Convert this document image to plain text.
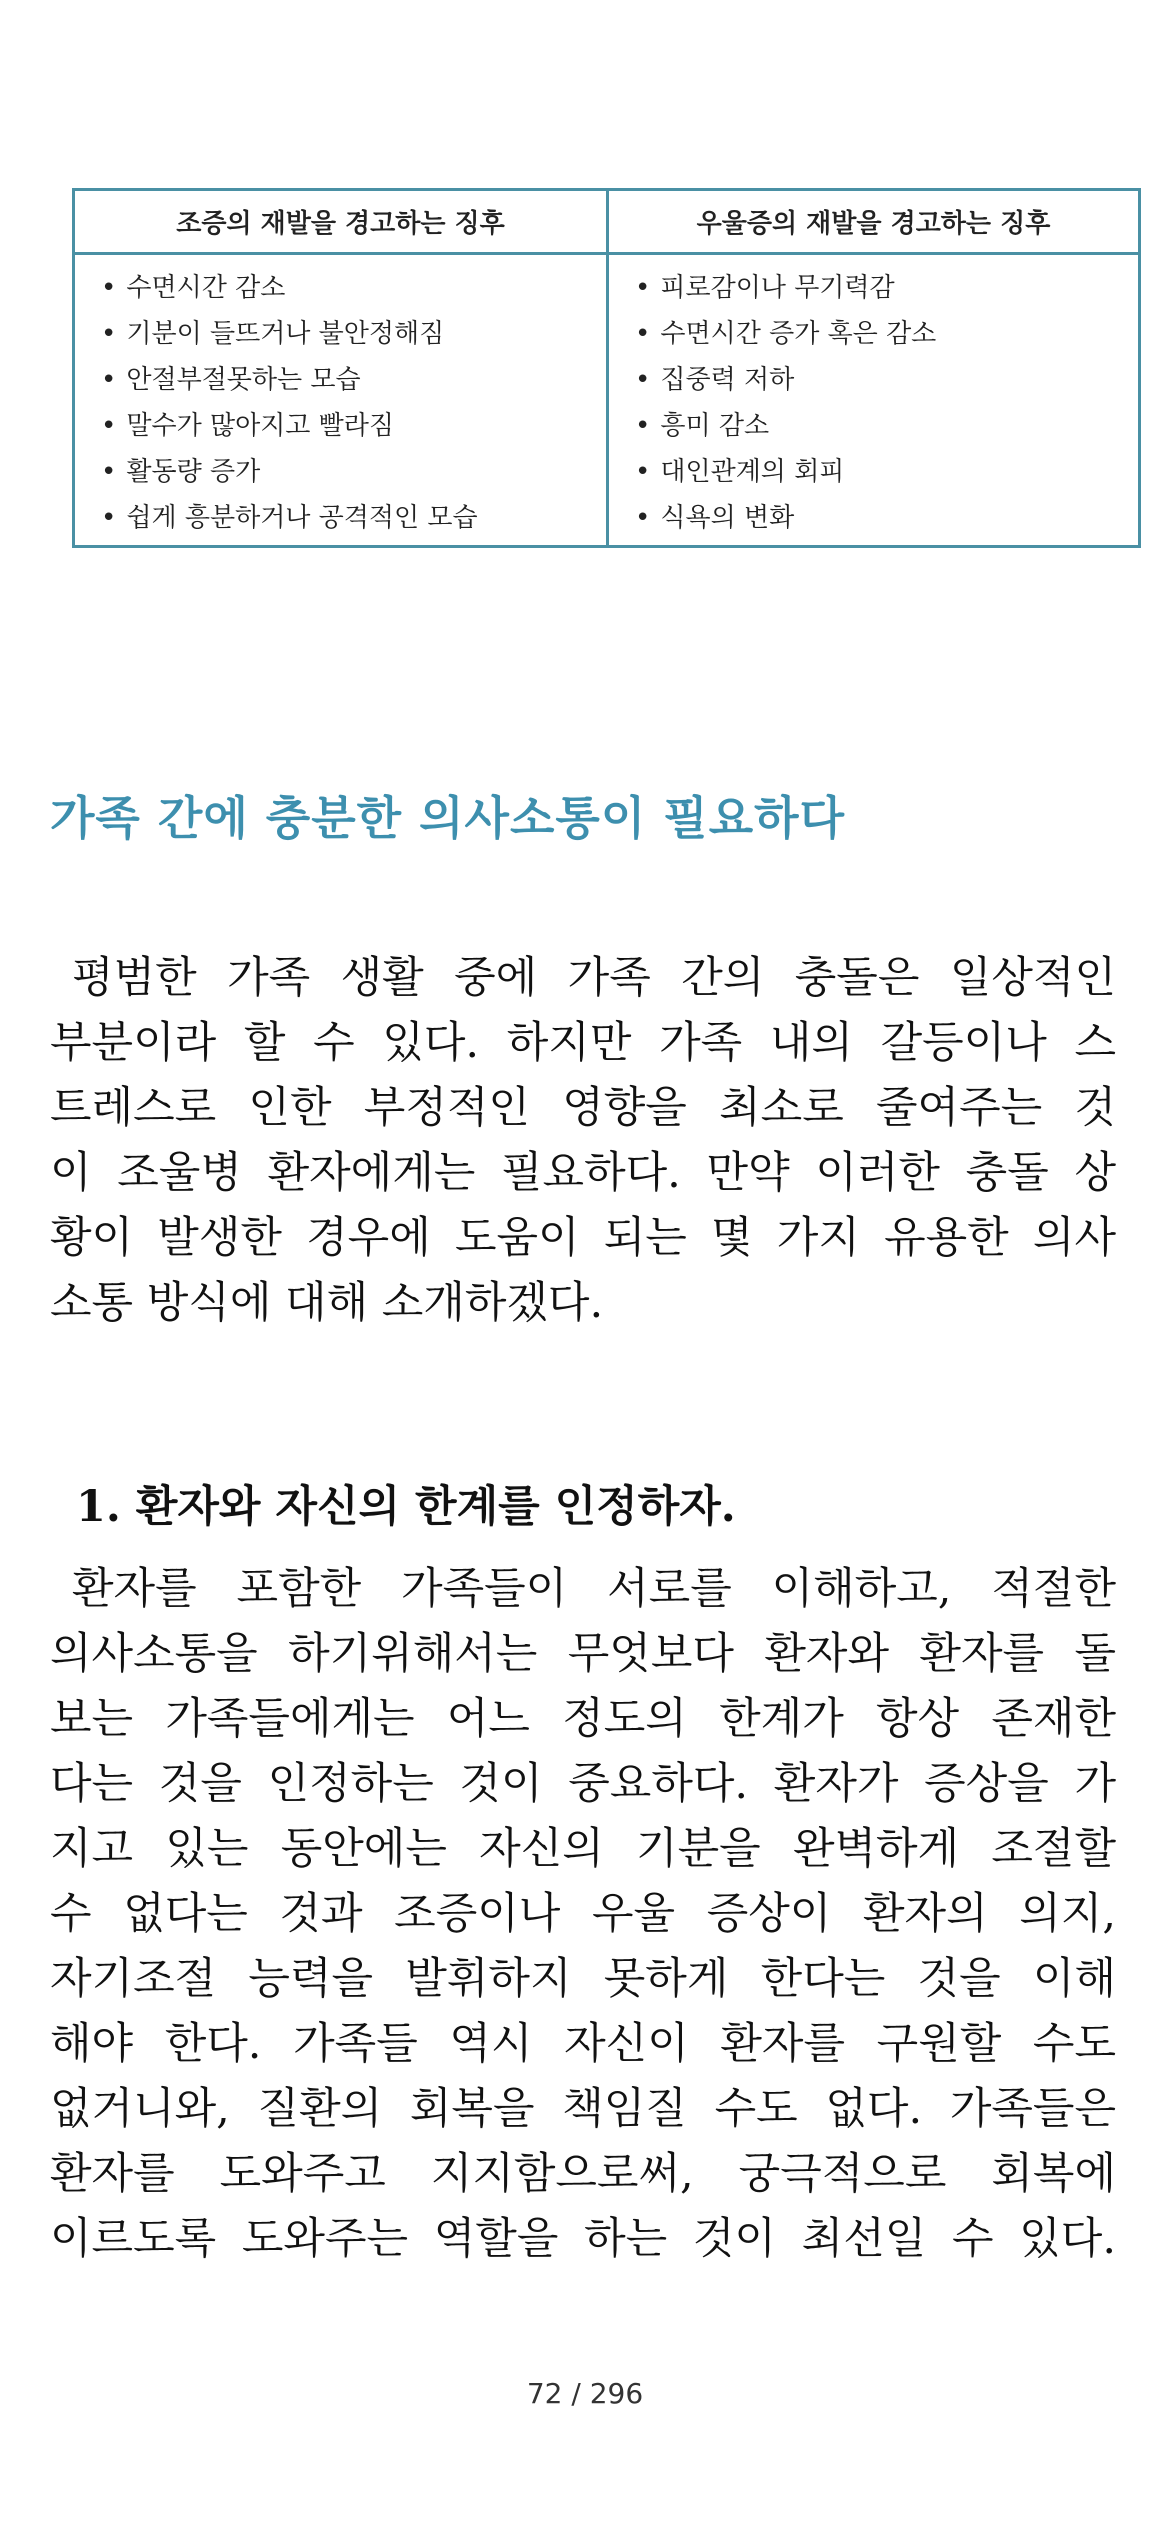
조증의 재발을 경고하는 징후	우울증의 재발을 경고하는 징후
• 수면시간 감소
• 기분이 들뜨거나 불안정해짐
• 안절부절못하는 모습
• 말수가 많아지고 빨라짐
• 활동량 증가
• 쉽게 흥분하거나 공격적인 모습
• 피로감이나 무기력감
• 수면시간 증가 혹은 감소
• 집중력 저하
• 흥미 감소
• 대인관계의 회피
• 식욕의 변화
가족 간에 충분한 의사소통이 필요하다
평범한 가족 생활 중에 가족 간의 충돌은 일상적인
부분이라 할 수 있다. 하지만 가족 내의 갈등이나 스
트레스로 인한 부정적인 영향을 최소로 줄여주는 것
이 조울병 환자에게는 필요하다. 만약 이러한 충돌 상
황이 발생한 경우에 도움이 되는 몇 가지 유용한 의사
소통 방식에 대해 소개하겠다.
1. 환자와 자신의 한계를 인정하자.
환자를 포함한 가족들이 서로를 이해하고, 적절한
의사소통을 하기위해서는 무엇보다 환자와 환자를 돌
보는 가족들에게는 어느 정도의 한계가 항상 존재한
다는 것을 인정하는 것이 중요하다. 환자가 증상을 가
지고 있는 동안에는 자신의 기분을 완벽하게 조절할
수 없다는 것과 조증이나 우울 증상이 환자의 의지,
자기조절 능력을 발휘하지 못하게 한다는 것을 이해
해야 한다. 가족들 역시 자신이 환자를 구원할 수도
없거니와, 질환의 회복을 책임질 수도 없다. 가족들은
환자를 도와주고 지지함으로써, 궁극적으로 회복에
이르도록 도와주는 역할을 하는 것이 최선일 수 있다.
72 / 296
